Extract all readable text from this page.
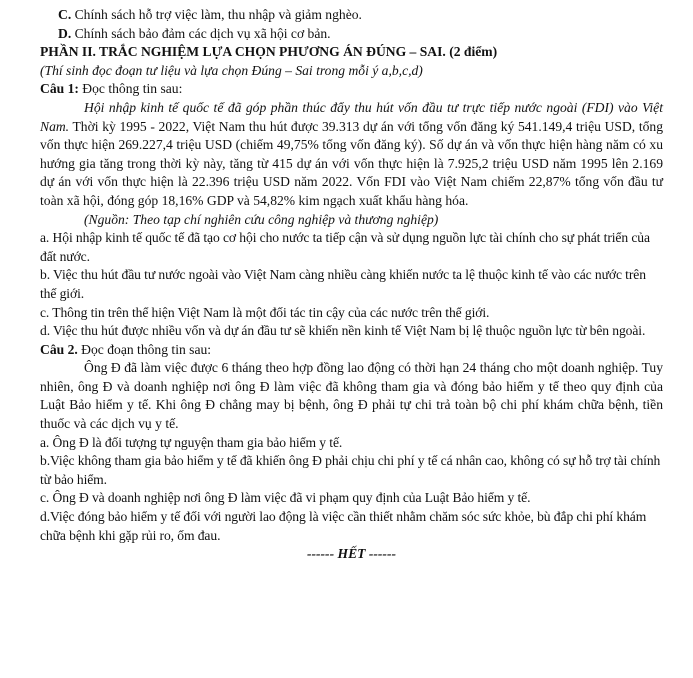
C. Chính sách hỗ trợ việc làm, thu nhập và giảm nghèo.

D. Chính sách bảo đảm các dịch vụ xã hội cơ bản.

PHẦN II. TRẮC NGHIỆM LỰA CHỌN PHƯƠNG ÁN ĐÚNG – SAI. (2 điểm)

(Thí sinh đọc đoạn tư liệu và lựa chọn Đúng – Sai trong mỗi ý a,b,c,d)

Câu 1: Đọc thông tin sau:

Hội nhập kinh tế quốc tế đã góp phần thúc đẩy thu hút vốn đầu tư trực tiếp nước ngoài (FDI) vào Việt Nam. Thời kỳ 1995 - 2022, Việt Nam thu hút được 39.313 dự án với tổng vốn đăng ký 541.149,4 triệu USD, tổng vốn thực hiện 269.227,4 triệu USD (chiếm 49,75% tổng vốn đăng ký). Số dự án và vốn thực hiện hàng năm có xu hướng gia tăng trong thời kỳ này, tăng từ 415 dự án với vốn thực hiện là 7.925,2 triệu USD năm 1995 lên 2.169 dự án với vốn thực hiện là 22.396 triệu USD năm 2022. Vốn FDI vào Việt Nam chiếm 22,87% tổng vốn đầu tư toàn xã hội, đóng góp 18,16% GDP và 54,82% kim ngạch xuất khẩu hàng hóa.

(Nguồn: Theo tạp chí nghiên cứu công nghiệp và thương nghiệp)

a. Hội nhập kinh tế quốc tế đã tạo cơ hội cho nước ta tiếp cận và sử dụng nguồn lực tài chính cho sự phát triển của đất nước.

b. Việc thu hút đầu tư nước ngoài vào Việt Nam càng nhiều càng khiến nước ta lệ thuộc kinh tế vào các nước trên thế giới.

c. Thông tin trên thể hiện Việt Nam là một đối tác tin cậy của các nước trên thế giới.

d. Việc thu hút được nhiều vốn và dự án đầu tư sẽ khiến nền kinh tế Việt Nam bị lệ thuộc nguồn lực từ bên ngoài.

Câu 2. Đọc đoạn thông tin sau:

Ông Đ đã làm việc được 6 tháng theo hợp đồng lao động có thời hạn 24 tháng cho một doanh nghiệp. Tuy nhiên, ông Đ và doanh nghiệp nơi ông Đ làm việc đã không tham gia và đóng bảo hiểm y tế theo quy định của Luật Bảo hiểm y tế. Khi ông Đ chẳng may bị bệnh, ông Đ phải tự chi trả toàn bộ chi phí khám chữa bệnh, tiền thuốc và các dịch vụ y tế.

a. Ông Đ là đối tượng tự nguyện tham gia bảo hiểm y tế.

b.Việc không tham gia bảo hiểm y tế đã khiến ông Đ phải chịu chi phí y tế cá nhân cao, không có sự hỗ trợ tài chính từ bảo hiểm.

c. Ông Đ và doanh nghiệp nơi ông Đ làm việc đã vi phạm quy định của Luật Bảo hiểm y tế.

d.Việc đóng bảo hiểm y tế đối với người lao động là việc cần thiết nhằm chăm sóc sức khỏe, bù đắp chi phí khám chữa bệnh khi gặp rủi ro, ốm đau.

------ HẾT ------
